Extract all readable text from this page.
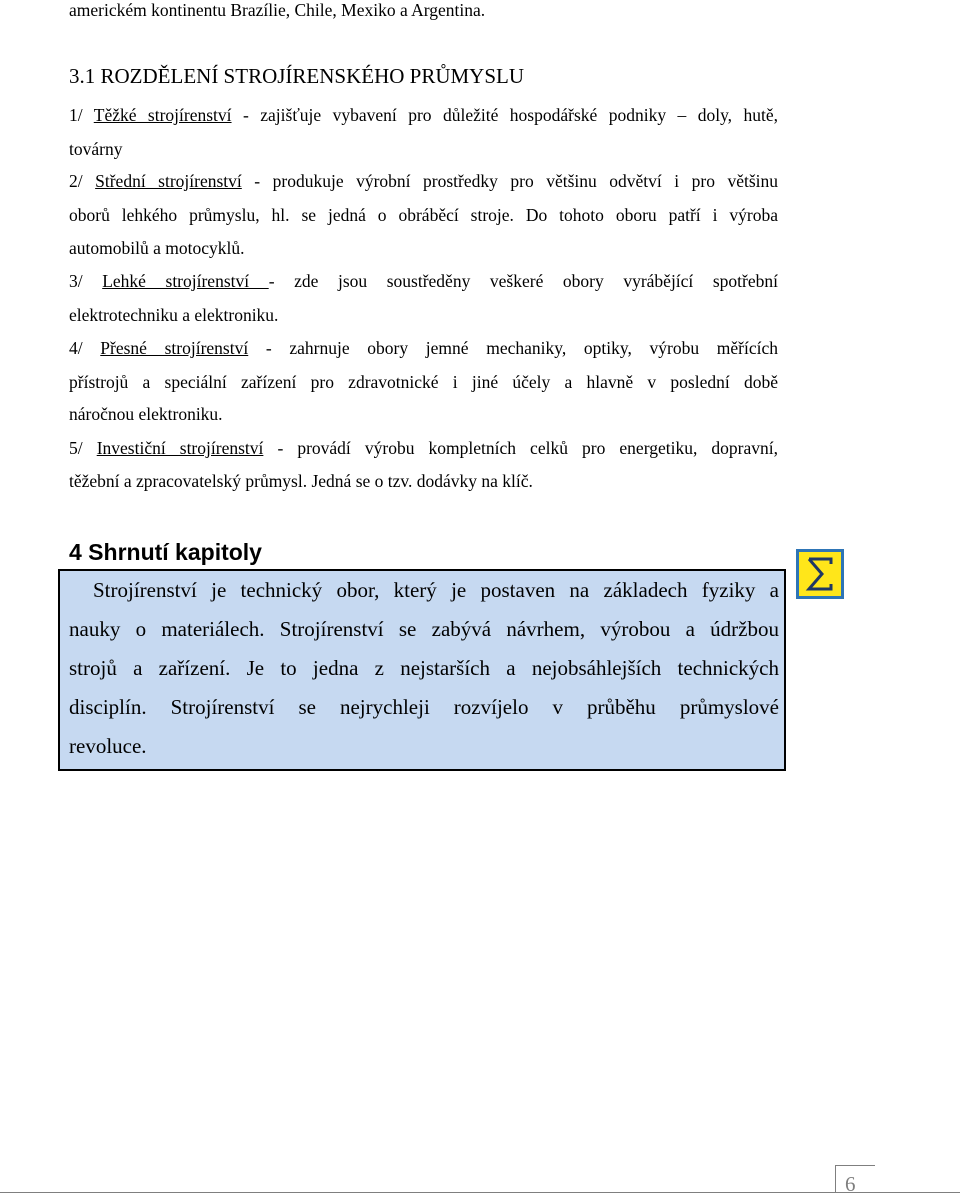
americkém kontinentu Brazílie, Chile, Mexiko a Argentina.
3.1 ROZDĚLENÍ STROJÍRENSKÉHO PRŮMYSLU
1/ Těžké strojírenství - zajišťuje vybavení pro důležité hospodářské podniky – doly, hutě,
továrny
2/ Střední strojírenství - produkuje výrobní prostředky pro většinu odvětví i pro většinu
oborů lehkého průmyslu, hl. se jedná o obráběcí stroje. Do tohoto oboru patří i výroba
automobilů a motocyklů.
3/ Lehké strojírenství - zde jsou soustředěny veškeré obory vyrábějící spotřební
elektrotechniku a elektroniku.
4/ Přesné strojírenství - zahrnuje obory jemné mechaniky, optiky, výrobu měřících
přístrojů a speciální zařízení pro zdravotnické i jiné účely a hlavně v poslední době
náročnou elektroniku.
5/ Investiční strojírenství - provádí výrobu kompletních celků pro energetiku, dopravní,
těžební a zpracovatelský průmysl. Jedná se o tzv. dodávky na klíč.
4 Shrnutí kapitoly
Strojírenství je technický obor, který je postaven na základech fyziky a
nauky o materiálech. Strojírenství se zabývá návrhem, výrobou a údržbou
strojů a zařízení. Je to jedna z nejstarších a nejobsáhlejších technických
disciplín. Strojírenství se nejrychleji rozvíjelo v průběhu průmyslové
revoluce.
6
